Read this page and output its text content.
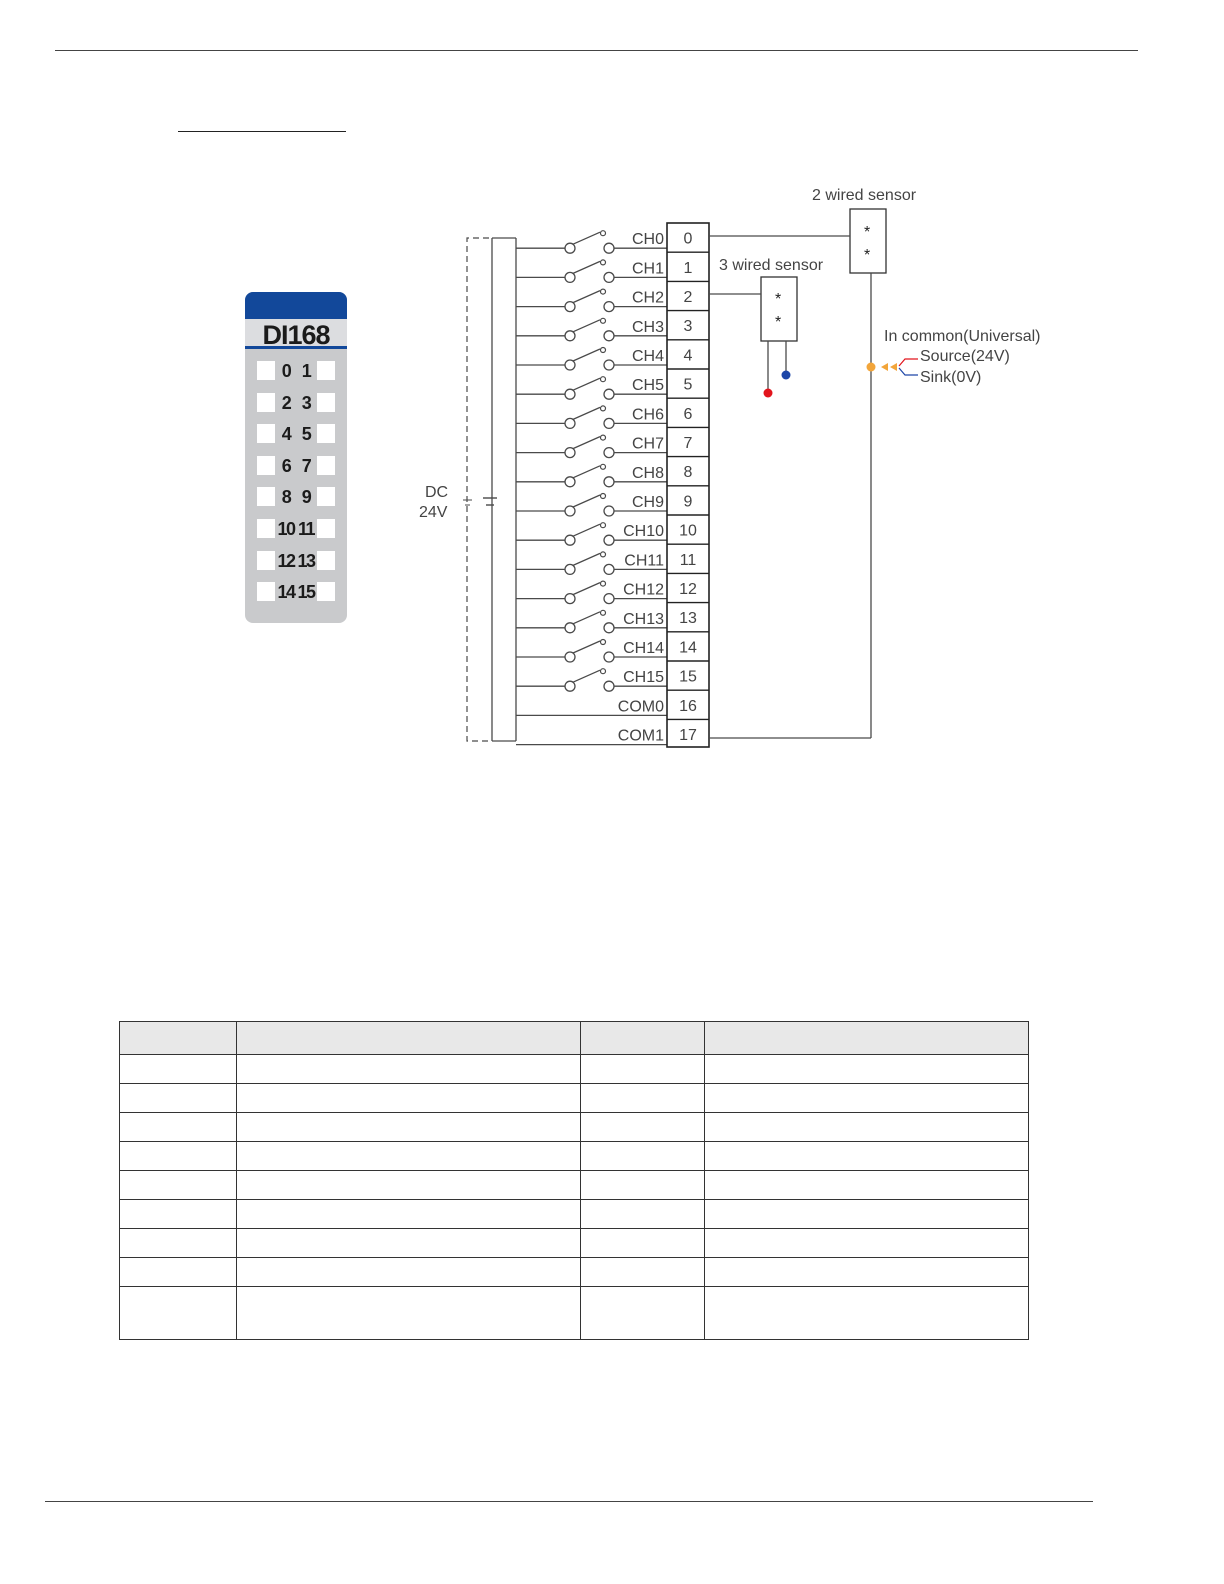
0 1
2 3
4 5
6 7
8 9
10 11
12 13
14 15
DI168
0
CH0
1
CH1
2
CH2
3
CH3
4
CH4
5
CH5
6
CH6
7
CH7
8
CH8
9
CH9
10
CH10
11
CH11
12
CH12
13
CH13
14
CH14
15
CH15
16
COM0
17
COM1
DC
24V
2 wired sensor
*
*
3 wired sensor
*
*
In common(Universal)
Source(24V)
Sink(0V)
